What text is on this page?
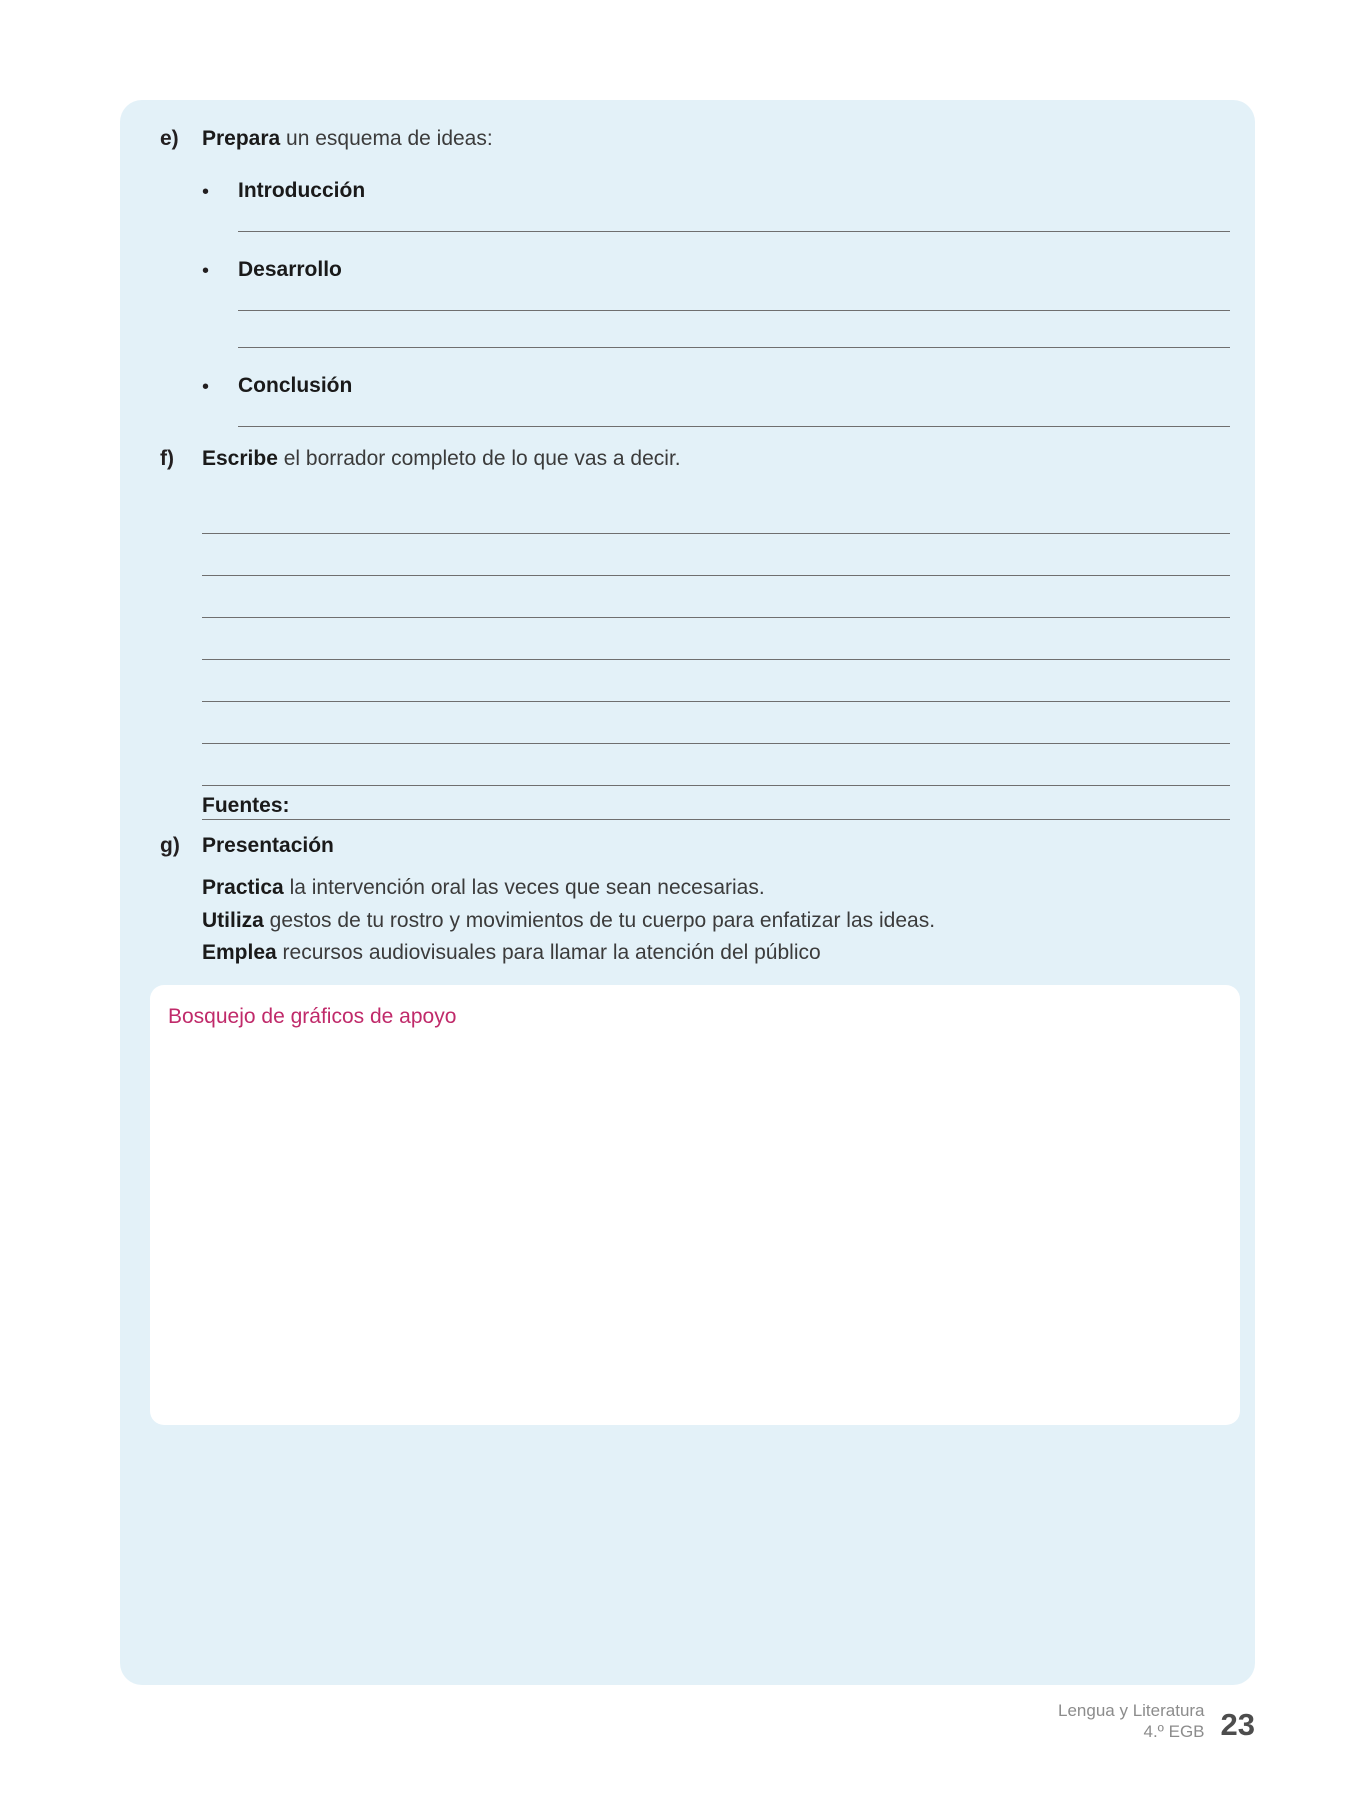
e)	Prepara un esquema de ideas:
•	Introducción
•	Desarrollo
•	Conclusión
f)	Escribe el borrador completo de lo que vas a decir.
Fuentes:
g)	Presentación
Practica la intervención oral las veces que sean necesarias.
Utiliza gestos de tu rostro y movimientos de tu cuerpo para enfatizar las ideas.
Emplea recursos audiovisuales para llamar la atención del público
Bosquejo de gráficos de apoyo
Lengua y Literatura
4.º EGB 23
